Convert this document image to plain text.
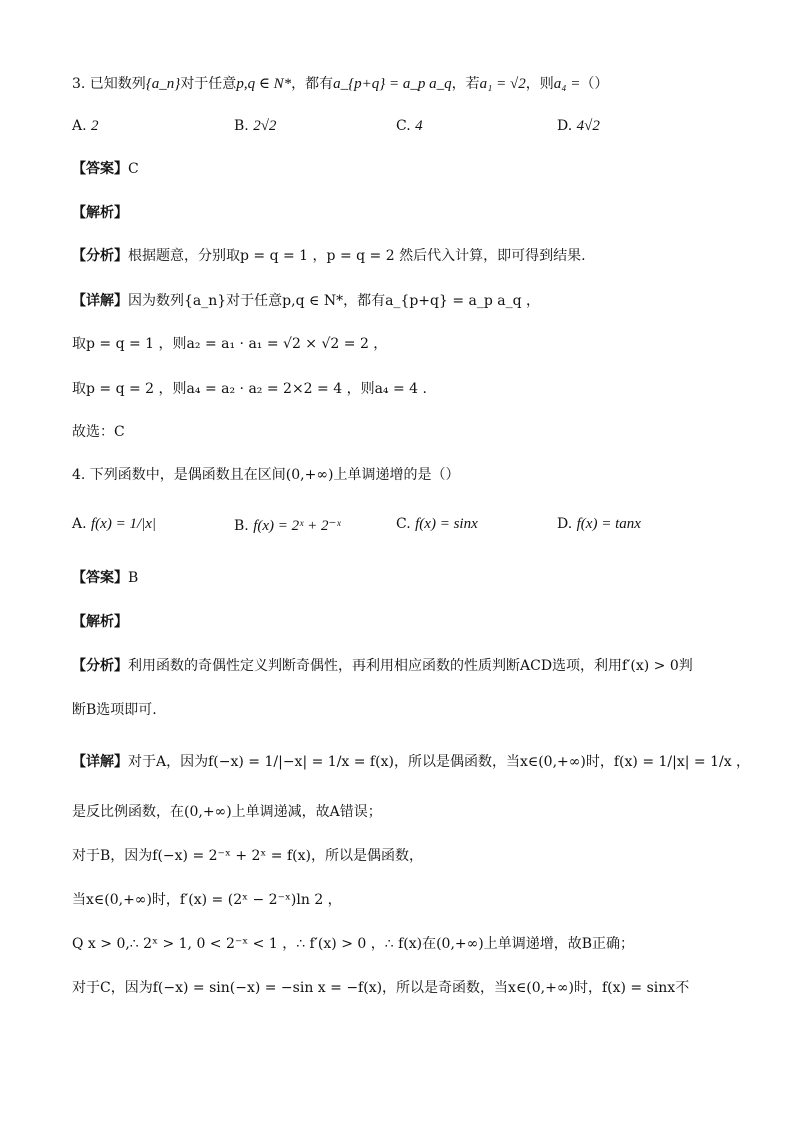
3. 已知数列{a_n}对于任意p,q ∈ N*，都有a_{p+q} = a_p a_q，若a₁ = √2，则a₄ =（）
A. 2	B. 2√2	C. 4	D. 4√2
【答案】C
【解析】
【分析】根据题意，分别取p = q = 1 ，p = q = 2 然后代入计算，即可得到结果.
【详解】因为数列{a_n}对于任意p,q ∈ N*，都有a_{p+q} = a_p a_q ，
取p = q = 1 ，则a₂ = a₁ · a₁ = √2 × √2 = 2 ，
取p = q = 2 ，则a₄ = a₂ · a₂ = 2×2 = 4 ，则a₄ = 4 .
故选：C
4. 下列函数中，是偶函数且在区间(0,+∞)上单调递增的是（）
A. f(x) = 1/|x|	B. f(x) = 2ˣ + 2⁻ˣ	C. f(x) = sinx	D. f(x) = tanx
【答案】B
【解析】
【分析】利用函数的奇偶性定义判断奇偶性，再利用相应函数的性质判断ACD选项，利用f′(x) > 0判
断B选项即可.
【详解】对于A，因为f(−x) = 1/|−x| = 1/x = f(x)，所以是偶函数，当x∈(0,+∞)时，f(x) = 1/|x| = 1/x ，
是反比例函数，在(0,+∞)上单调递减，故A错误；
对于B，因为f(−x) = 2⁻ˣ + 2ˣ = f(x)，所以是偶函数，
当x∈(0,+∞)时，f′(x) = (2ˣ − 2⁻ˣ)ln 2 ，
Q x > 0,∴ 2ˣ > 1, 0 < 2⁻ˣ < 1 ，∴ f′(x) > 0 ，∴ f(x)在(0,+∞)上单调递增，故B正确；
对于C，因为f(−x) = sin(−x) = −sin x = −f(x)，所以是奇函数，当x∈(0,+∞)时，f(x) = sinx不
